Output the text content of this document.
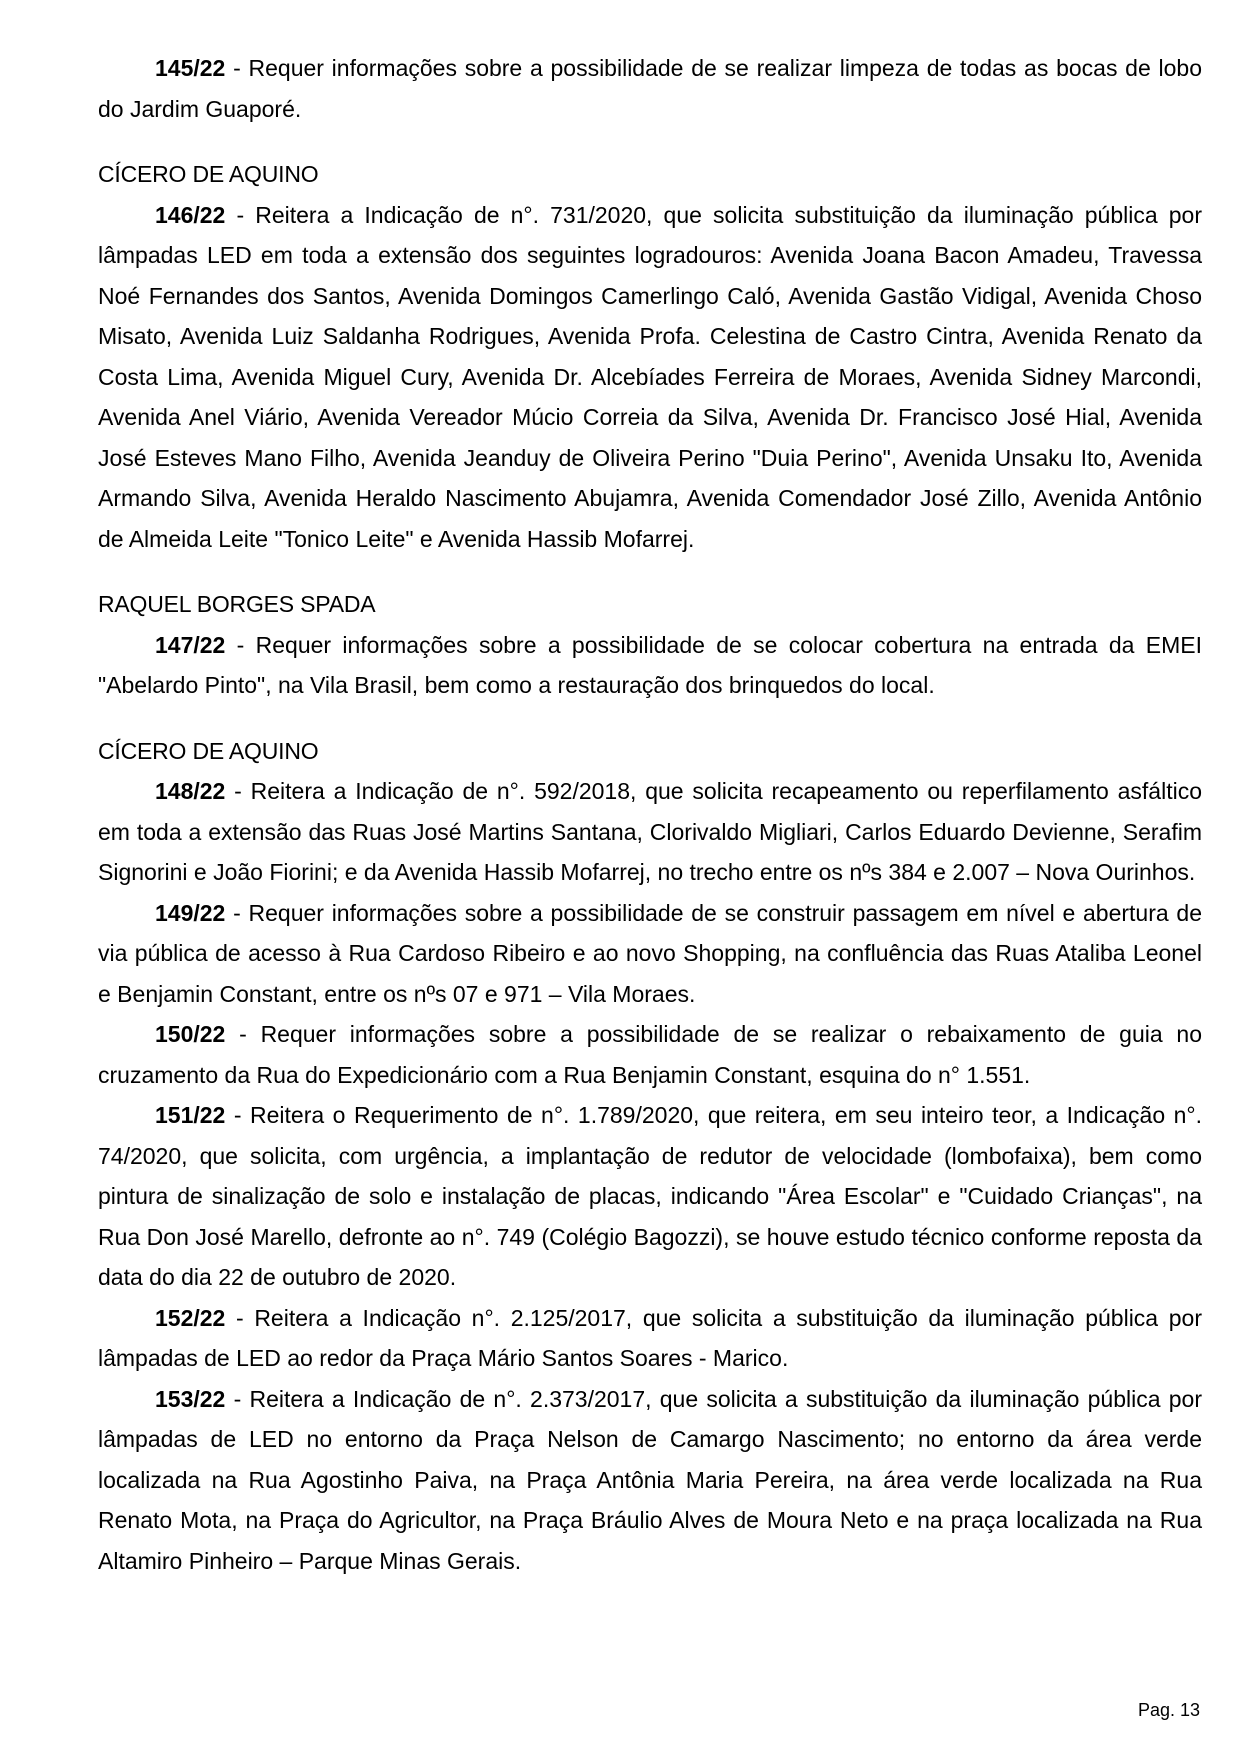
145/22 - Requer informações sobre a possibilidade de se realizar limpeza de todas as bocas de lobo do Jardim Guaporé.

CÍCERO DE AQUINO

146/22 - Reitera a Indicação de n°. 731/2020, que solicita substituição da iluminação pública por lâmpadas LED em toda a extensão dos seguintes logradouros: Avenida Joana Bacon Amadeu, Travessa Noé Fernandes dos Santos, Avenida Domingos Camerlingo Caló, Avenida Gastão Vidigal, Avenida Choso Misato, Avenida Luiz Saldanha Rodrigues, Avenida Profa. Celestina de Castro Cintra, Avenida Renato da Costa Lima, Avenida Miguel Cury, Avenida Dr. Alcebíades Ferreira de Moraes, Avenida Sidney Marcondi, Avenida Anel Viário, Avenida Vereador Múcio Correia da Silva, Avenida Dr. Francisco José Hial, Avenida José Esteves Mano Filho, Avenida Jeanduy de Oliveira Perino "Duia Perino", Avenida Unsaku Ito, Avenida Armando Silva, Avenida Heraldo Nascimento Abujamra, Avenida Comendador José Zillo, Avenida Antônio de Almeida Leite "Tonico Leite" e Avenida Hassib Mofarrej.

RAQUEL BORGES SPADA

147/22 - Requer informações sobre a possibilidade de se colocar cobertura na entrada da EMEI "Abelardo Pinto", na Vila Brasil, bem como a restauração dos brinquedos do local.

CÍCERO DE AQUINO

148/22 - Reitera a Indicação de n°. 592/2018, que solicita recapeamento ou reperfilamento asfáltico em toda a extensão das Ruas José Martins Santana, Clorivaldo Migliari, Carlos Eduardo Devienne, Serafim Signorini e João Fiorini; e da Avenida Hassib Mofarrej, no trecho entre os nºs 384 e 2.007 – Nova Ourinhos.

149/22 - Requer informações sobre a possibilidade de se construir passagem em nível e abertura de via pública de acesso à Rua Cardoso Ribeiro e ao novo Shopping, na confluência das Ruas Ataliba Leonel e Benjamin Constant, entre os nºs 07 e 971 – Vila Moraes.

150/22 - Requer informações sobre a possibilidade de se realizar o rebaixamento de guia no cruzamento da Rua do Expedicionário com a Rua Benjamin Constant, esquina do n° 1.551.

151/22 - Reitera o Requerimento de n°. 1.789/2020, que reitera, em seu inteiro teor, a Indicação n°. 74/2020, que solicita, com urgência, a implantação de redutor de velocidade (lombofaixa), bem como pintura de sinalização de solo e instalação de placas, indicando "Área Escolar" e "Cuidado Crianças", na Rua Don José Marello, defronte ao n°. 749 (Colégio Bagozzi), se houve estudo técnico conforme reposta da data do dia 22 de outubro de 2020.

152/22 - Reitera a Indicação n°. 2.125/2017, que solicita a substituição da iluminação pública por lâmpadas de LED ao redor da Praça Mário Santos Soares - Marico.

153/22 - Reitera a Indicação de n°. 2.373/2017, que solicita a substituição da iluminação pública por lâmpadas de LED no entorno da Praça Nelson de Camargo Nascimento; no entorno da área verde localizada na Rua Agostinho Paiva, na Praça Antônia Maria Pereira, na área verde localizada na Rua Renato Mota, na Praça do Agricultor, na Praça Bráulio Alves de Moura Neto e na praça localizada na Rua Altamiro Pinheiro – Parque Minas Gerais.

Pag. 13
